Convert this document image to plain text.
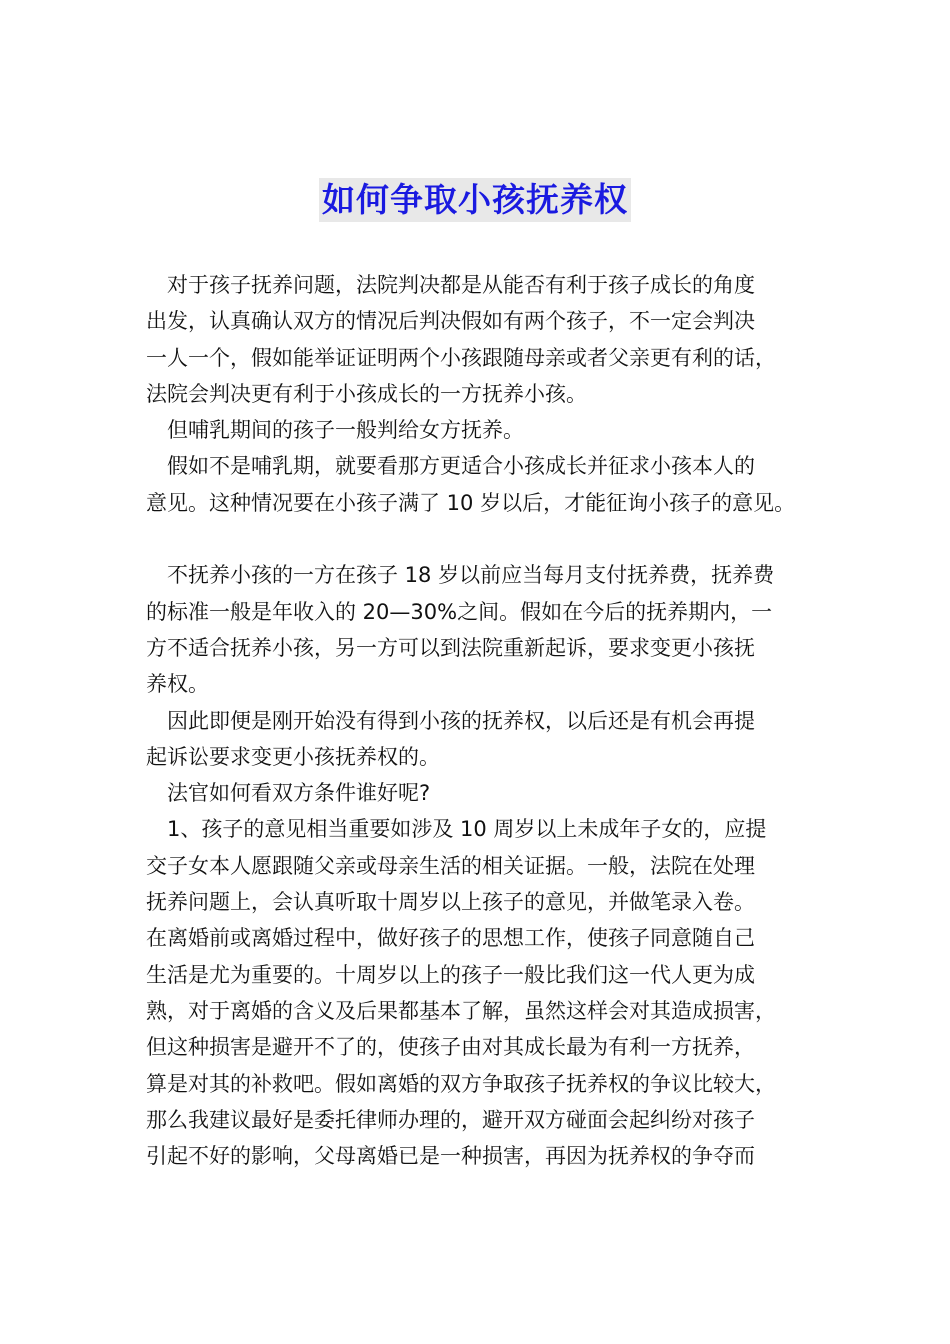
如何争取小孩抚养权
对于孩子抚养问题，法院判决都是从能否有利于孩子成长的角度
出发，认真确认双方的情况后判决假如有两个孩子，不一定会判决
一人一个，假如能举证证明两个小孩跟随母亲或者父亲更有利的话，
法院会判决更有利于小孩成长的一方抚养小孩。
但哺乳期间的孩子一般判给女方抚养。
假如不是哺乳期，就要看那方更适合小孩成长并征求小孩本人的
意见。这种情况要在小孩子满了 10 岁以后，才能征询小孩子的意见。
不抚养小孩的一方在孩子 18 岁以前应当每月支付抚养费，抚养费
的标准一般是年收入的 20—30%之间。假如在今后的抚养期内，一
方不适合抚养小孩，另一方可以到法院重新起诉，要求变更小孩抚
养权。
因此即便是刚开始没有得到小孩的抚养权，以后还是有机会再提
起诉讼要求变更小孩抚养权的。
法官如何看双方条件谁好呢?
1、孩子的意见相当重要如涉及 10 周岁以上未成年子女的，应提
交子女本人愿跟随父亲或母亲生活的相关证据。一般，法院在处理
抚养问题上，会认真听取十周岁以上孩子的意见，并做笔录入卷。
在离婚前或离婚过程中，做好孩子的思想工作，使孩子同意随自己
生活是尤为重要的。十周岁以上的孩子一般比我们这一代人更为成
熟，对于离婚的含义及后果都基本了解，虽然这样会对其造成损害，
但这种损害是避开不了的，使孩子由对其成长最为有利一方抚养，
算是对其的补救吧。假如离婚的双方争取孩子抚养权的争议比较大，
那么我建议最好是委托律师办理的，避开双方碰面会起纠纷对孩子
引起不好的影响，父母离婚已是一种损害，再因为抚养权的争夺而
